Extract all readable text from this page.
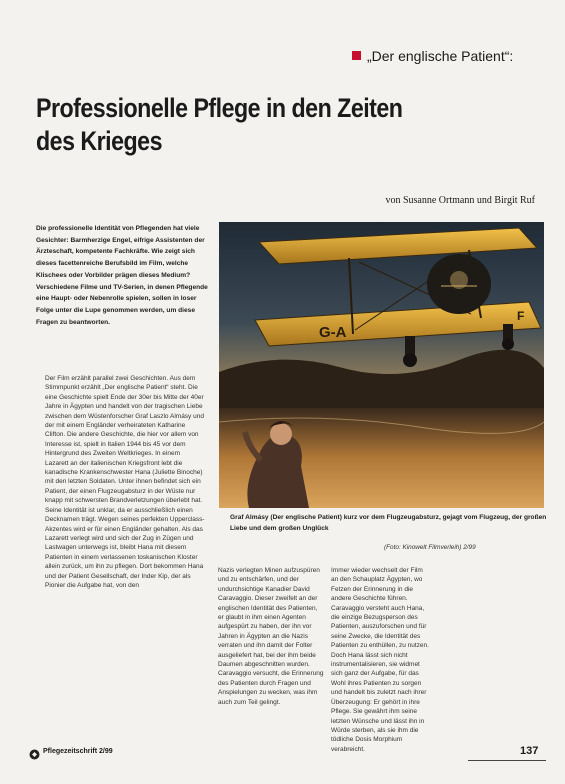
„Der englische Patient“:
Professionelle Pflege in den Zeiten
des Krieges
von Susanne Ortmann und Birgit Ruf
Die professionelle Identität von Pflegenden hat viele Gesichter: Barmherzige Engel, eifrige Assistenten der Ärzteschaft, kompetente Fachkräfte. Wie zeigt sich dieses facettenreiche Berufsbild im Film, welche Klischees oder Vorbilder prägen dieses Medium? Verschiedene Filme und TV-Serien, in denen Pflegende eine Haupt- oder Nebenrolle spielen, sollen in loser Folge unter die Lupe genommen werden, um diese Fragen zu beantworten.
G-A
F
Graf Almásy (Der englische Patient) kurz vor dem Flugzeugabsturz, gejagt vom Flugzeug, der großen Liebe und dem großen Unglück
(Foto: Kinowelt Filmverleih) 2/99

Der Film erzählt parallel zwei Geschichten. Aus dem Stimmpunkt erzählt „Der englische Patient“ steht. Die eine Geschichte spielt Ende der 30er bis Mitte der 40er Jahre in Ägypten und handelt von der tragischen Liebe zwischen dem Wüstenforscher Graf Laszlo Almásy und der mit einem Engländer verheirateten Katharine Clifton. Die andere Geschichte, die hier vor allem von Interesse ist, spielt in Italien 1944 bis 45 vor dem Hintergrund des Zweiten Weltkrieges. In einem Lazarett an der italienischen Kriegsfront lebt die kanadische Krankenschwester Hana (Juliette Binoche) mit den letzten Soldaten. Unter ihnen befindet sich ein Patient, der einen Flugzeugabsturz in der Wüste nur knapp mit schwersten Brandverletzungen überlebt hat. Seine Identität ist unklar, da er ausschließlich einen Decknamen trägt. Wegen seines perfekten Upperclass-Akzentes wird er für einen Engländer gehalten. Als das Lazarett verlegt wird und sich der Zug in Zügen und Lastwagen unterwegs ist, bleibt Hana mit diesem Patienten in einem verlassenen toskanischen Kloster allein zurück, um ihn zu pflegen. Dort bekommen Hana und der Patient Gesellschaft, der Inder Kip, der als Pionier die Aufgabe hat, von den

Nazis verlegten Minen aufzuspüren und zu entschärfen, und der undurchsichtige Kanadier David Caravaggio. Dieser zweifelt an der englischen Identität des Patienten, er glaubt in ihm einen Agenten aufgespürt zu haben, der ihn vor Jahren in Ägypten an die Nazis verraten und ihn damit der Folter ausgeliefert hat, bei der ihm beide Daumen abgeschnitten wurden. Caravaggio versucht, die Erinnerung des Patienten durch Fragen und Anspielungen zu wecken, was ihm auch zum Teil gelingt.

Immer wieder wechselt der Film an den Schauplatz Ägypten, wo Fetzen der Erinnerung in die andere Geschichte führen. Caravaggio versteht auch Hana, die einzige Bezugsperson des Patienten, auszuforschen und für seine Zwecke, die Identität des Patienten zu enthüllen, zu nutzen. Doch Hana lässt sich nicht instrumentalisieren, sie widmet sich ganz der Aufgabe, für das Wohl ihres Patienten zu sorgen und handelt bis zuletzt nach ihrer Überzeugung: Er gehört in ihre Pflege. Sie gewährt ihm seine letzten Wünsche und lässt ihn in Würde sterben, als sie ihm die tödliche Dosis Morphium verabreicht.

Pflegezeitschrift 2/99	137
